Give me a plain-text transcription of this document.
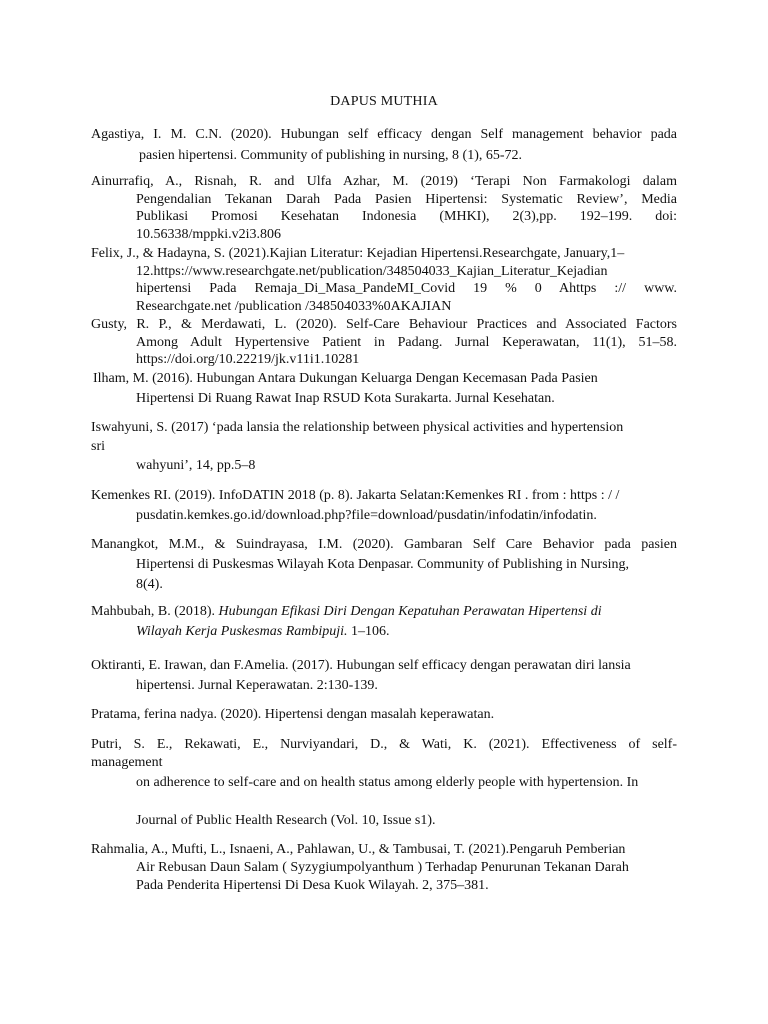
DAPUS MUTHIA
Agastiya, I. M. C.N. (2020). Hubungan self efficacy dengan Self management behavior pada
pasien hipertensi. Community of publishing in nursing, 8 (1), 65-72.
Ainurrafiq, A., Risnah, R. and Ulfa Azhar, M. (2019) ‘Terapi Non Farmakologi dalam
Pengendalian Tekanan Darah Pada Pasien Hipertensi: Systematic Review’, Media
Publikasi Promosi Kesehatan Indonesia (MHKI), 2(3),pp. 192–199. doi:
10.56338/mppki.v2i3.806
Felix, J., & Hadayna, S. (2021).Kajian Literatur: Kejadian Hipertensi.Researchgate, January,1–
12.https://www.researchgate.net/publication/348504033_Kajian_Literatur_Kejadian
hipertensi Pada Remaja_Di_Masa_PandeMI_Covid 19 % 0 Ahttps :// www.
Researchgate.net /publication /348504033%0AKAJIAN
Gusty, R. P., & Merdawati, L. (2020). Self-Care Behaviour Practices and Associated Factors
Among Adult Hypertensive Patient in Padang. Jurnal Keperawatan, 11(1), 51–58.
https://doi.org/10.22219/jk.v11i1.10281
Ilham, M. (2016). Hubungan Antara Dukungan Keluarga Dengan Kecemasan Pada Pasien
Hipertensi Di Ruang Rawat Inap RSUD Kota Surakarta. Jurnal Kesehatan.
Iswahyuni, S. (2017) ‘pada lansia the relationship between physical activities and hypertension
sri
wahyuni’, 14, pp.5–8
Kemenkes RI. (2019). InfoDATIN 2018 (p. 8). Jakarta Selatan:Kemenkes RI . from : https : / /
pusdatin.kemkes.go.id/download.php?file=download/pusdatin/infodatin/infodatin.
Manangkot, M.M., & Suindrayasa, I.M. (2020). Gambaran Self Care Behavior pada pasien
Hipertensi di Puskesmas Wilayah Kota Denpasar. Community of Publishing in Nursing,
8(4).
Mahbubah, B. (2018). Hubungan Efikasi Diri Dengan Kepatuhan Perawatan Hipertensi di
Wilayah Kerja Puskesmas Rambipuji. 1–106.
Oktiranti, E. Irawan, dan F.Amelia. (2017). Hubungan self efficacy dengan perawatan diri lansia
hipertensi. Jurnal Keperawatan. 2:130-139.
Pratama, ferina nadya. (2020). Hipertensi dengan masalah keperawatan.
Putri, S. E., Rekawati, E., Nurviyandari, D., & Wati, K. (2021). Effectiveness of self-
management
on adherence to self-care and on health status among elderly people with hypertension. In
Journal of Public Health Research (Vol. 10, Issue s1).
Rahmalia, A., Mufti, L., Isnaeni, A., Pahlawan, U., & Tambusai, T. (2021).Pengaruh Pemberian
Air Rebusan Daun Salam ( Syzygiumpolyanthum ) Terhadap Penurunan Tekanan Darah
Pada Penderita Hipertensi Di Desa Kuok Wilayah. 2, 375–381.
